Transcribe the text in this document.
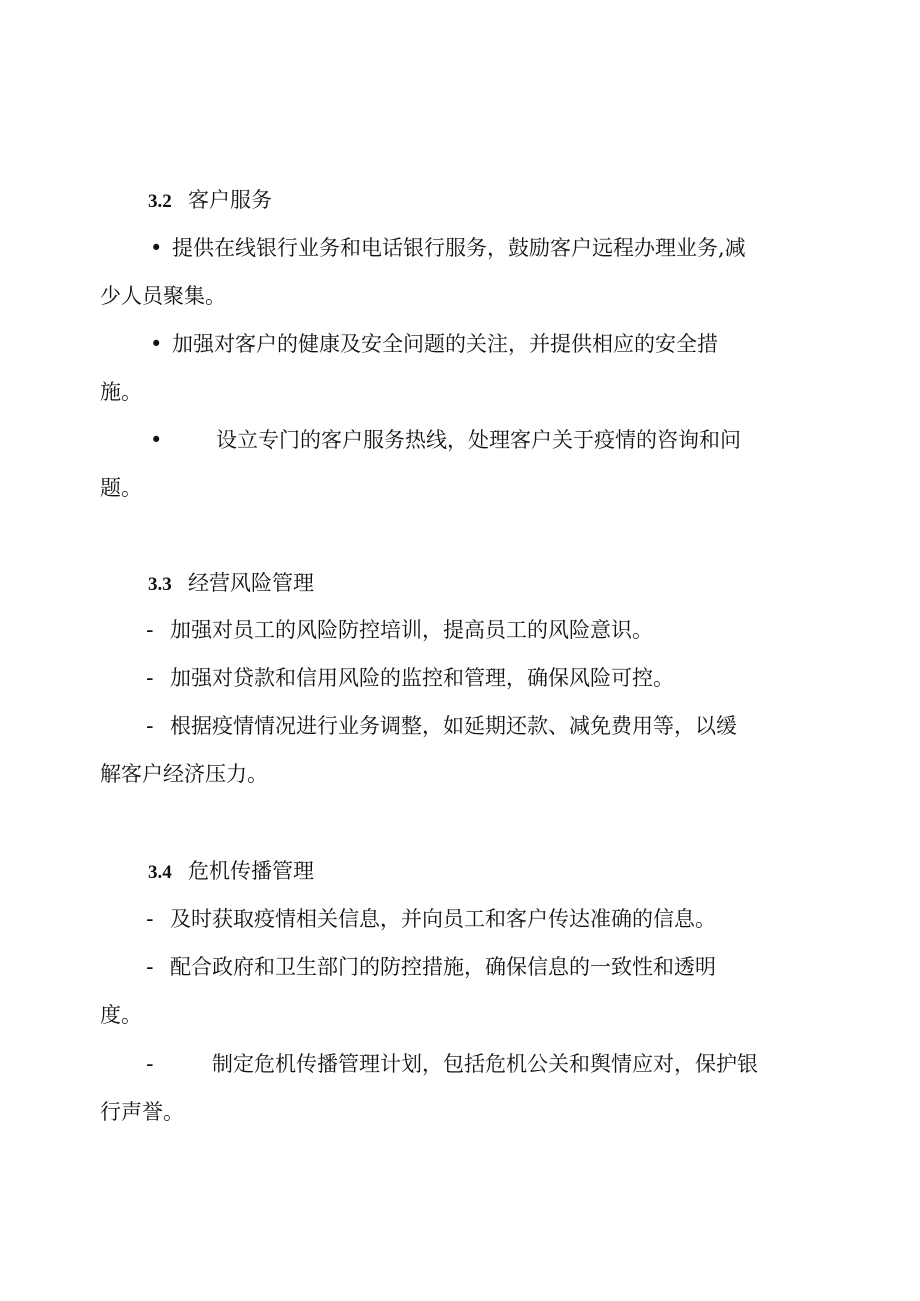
3.2 客户服务
• 提供在线银行业务和电话银行服务，鼓励客户远程办理业务,减
少人员聚集。
• 加强对客户的健康及安全问题的关注，并提供相应的安全措
施。
•	设立专门的客户服务热线，处理客户关于疫情的咨询和问
题。
3.3 经营风险管理
- 加强对员工的风险防控培训，提高员工的风险意识。
- 加强对贷款和信用风险的监控和管理，确保风险可控。
- 根据疫情情况进行业务调整，如延期还款、减免费用等，以缓
解客户经济压力。
3.4 危机传播管理
- 及时获取疫情相关信息，并向员工和客户传达准确的信息。
- 配合政府和卫生部门的防控措施，确保信息的一致性和透明
度。
-	制定危机传播管理计划，包括危机公关和舆情应对，保护银
行声誉。
